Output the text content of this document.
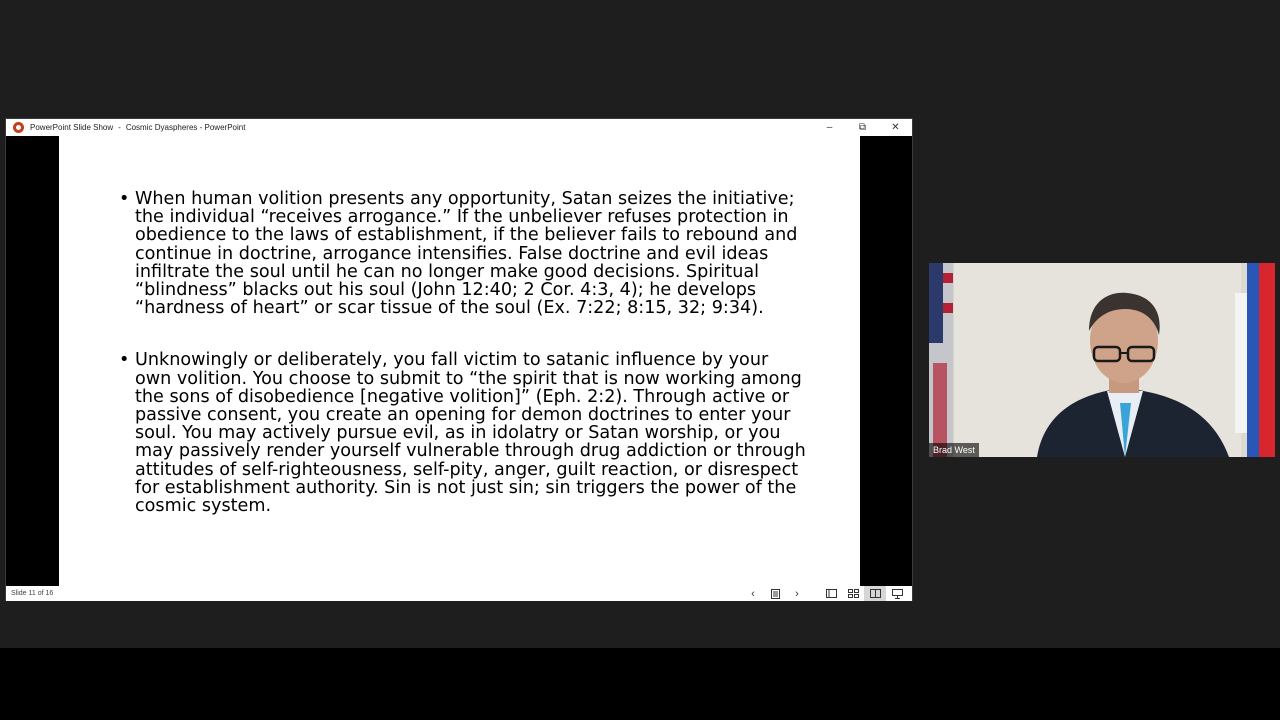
PowerPoint Slide Show - Cosmic Dyaspheres - PowerPoint	–	⧉	✕
• When human volition presents any opportunity, Satan seizes the initiative; the individual “receives arrogance.” If the unbeliever refuses protection in obedience to the laws of establishment, if the believer fails to rebound and continue in doctrine, arrogance intensifies. False doctrine and evil ideas infiltrate the soul until he can no longer make good decisions. Spiritual “blindness” blacks out his soul (John 12:40; 2 Cor. 4:3, 4); he develops “hardness of heart” or scar tissue of the soul (Ex. 7:22; 8:15, 32; 9:34).
• Unknowingly or deliberately, you fall victim to satanic influence by your own volition. You choose to submit to “the spirit that is now working among the sons of disobedience [negative volition]” (Eph. 2:2). Through active or passive consent, you create an opening for demon doctrines to enter your soul. You may actively pursue evil, as in idolatry or Satan worship, or you may passively render yourself vulnerable through drug addiction or through attitudes of self-righteousness, self-pity, anger, guilt reaction, or disrespect for establishment authority. Sin is not just sin; sin triggers the power of the cosmic system.
Slide 11 of 16	‹	›
Brad West
